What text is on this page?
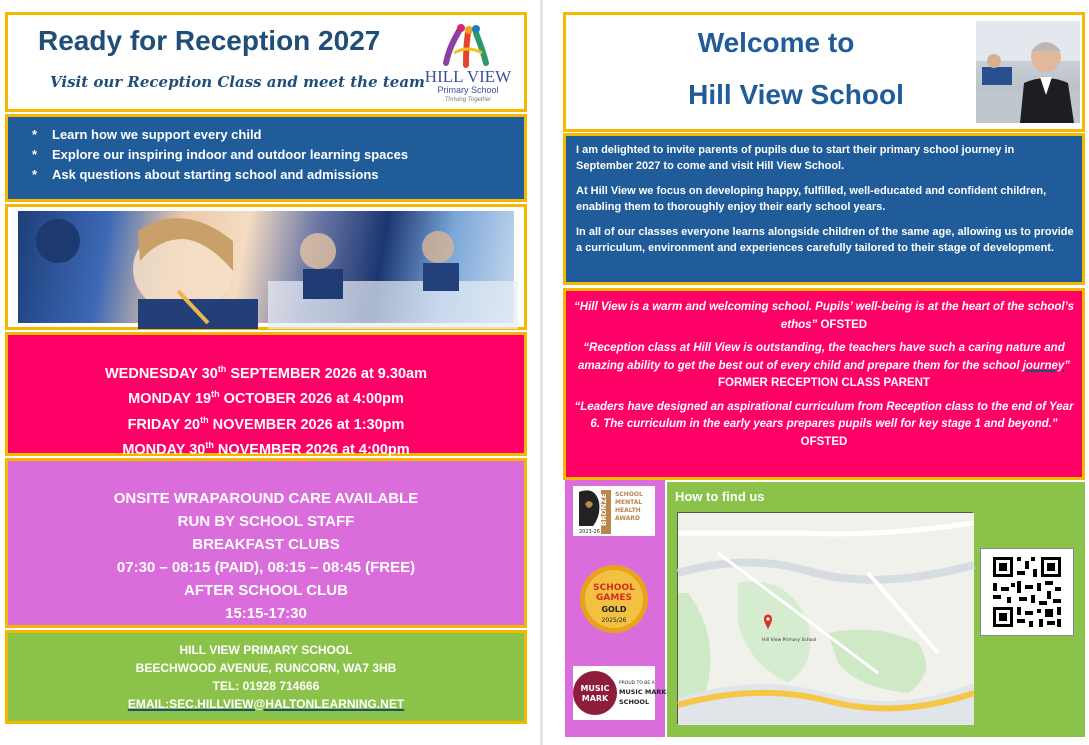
Ready for Reception 2027
Visit our Reception Class and meet the team HILL VIEW
Primary School
Thriving Together
* Learn how we support every child
* Explore our inspiring indoor and outdoor learning spaces
* Ask questions about starting school and admissions

WEDNESDAY 30th SEPTEMBER 2026 at 9.30am

MONDAY 19th OCTOBER 2026 at 4:00pm

FRIDAY 20th NOVEMBER 2026 at 1:30pm

MONDAY 30th NOVEMBER 2026 at 4:00pm

ONSITE WRAPAROUND CARE AVAILABLE

RUN BY SCHOOL STAFF

BREAKFAST CLUBS

07:30 – 08:15 (PAID), 08:15 – 08:45 (FREE)

AFTER SCHOOL CLUB

15:15-17:30

HILL VIEW PRIMARY SCHOOL

BEECHWOOD AVENUE, RUNCORN, WA7 3HB

TEL: 01928 714666

EMAIL:SEC.HILLVIEW@HALTONLEARNING.NET

Welcome to
Hill View School

I am delighted to invite parents of pupils due to start their primary school journey in September 2027 to come and visit Hill View School.

At Hill View we focus on developing happy, fulfilled, well-educated and confident children, enabling them to thoroughly enjoy their early school years.

In all of our classes everyone learns alongside children of the same age, allowing us to provide a curriculum, environment and experiences carefully tailored to their stage of development.

“Hill View is a warm and welcoming school. Pupils’ well-being is at the heart of the school’s ethos” OFSTED

“Reception class at Hill View is outstanding, the teachers have such a caring nature and amazing ability to get the best out of every child and prepare them for the school journey” FORMER RECEPTION CLASS PARENT

“Leaders have designed an aspirational curriculum from Reception class to the end of Year 6. The curriculum in the early years prepares pupils well for key stage 1 and beyond.” OFSTED

BRONZE
2023-26
SCHOOL
MENTAL
HEALTH
AWARD
SCHOOL
GAMES
GOLD
2025/26
MUSIC
MARK
PROUD TO BE A
MUSIC MARK
SCHOOL
How to find us
Hill View Primary School
